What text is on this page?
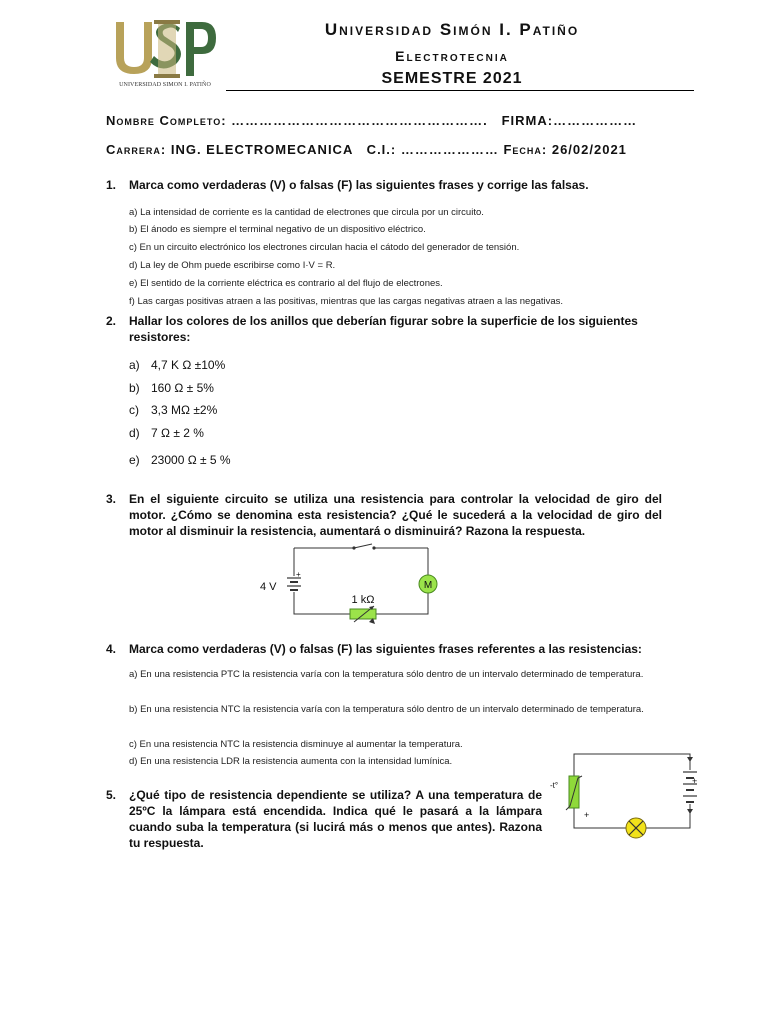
UNIVERSIDAD SIMON I. PATIÑO
Universidad Simón I. Patiño
Electrotecnia
SEMESTRE 2021
Nombre Completo: ……………………………………………….   FIRMA:………………
Carrera: ING. ELECTROMECANICA   C.I.: ………………… Fecha: 26/02/2021
1. Marca como verdaderas (V) o falsas (F) las siguientes frases y corrige las falsas.
a) La intensidad de corriente es la cantidad de electrones que circula por un circuito.
b) El ánodo es siempre el terminal negativo de un dispositivo eléctrico.
c) En un circuito electrónico los electrones circulan hacia el cátodo del generador de tensión.
d) La ley de Ohm puede escribirse como I·V = R.
e) El sentido de la corriente eléctrica es contrario al del flujo de electrones.
f) Las cargas positivas atraen a las positivas, mientras que las cargas negativas atraen a las negativas.
2. Hallar los colores de los anillos que deberían figurar sobre la superficie de los siguientes resistores:
a) 4,7 K Ω ±10%
b) 160 Ω ± 5%
c) 3,3 MΩ ±2%
d) 7 Ω ± 2 %
e) 23000 Ω ± 5 %
3. En el siguiente circuito se utiliza una resistencia para controlar la velocidad de giro del motor. ¿Cómo se denomina esta resistencia? ¿Qué le sucederá a la velocidad de giro del motor al disminuir la resistencia, aumentará o disminuirá? Razona la respuesta.
M
1 kΩ
4 V
+
4. Marca como verdaderas (V) o falsas (F) las siguientes frases referentes a las resistencias:
a) En una resistencia PTC la resistencia varía con la temperatura sólo dentro de un intervalo determinado de temperatura.
b) En una resistencia NTC la resistencia varía con la temperatura sólo dentro de un intervalo determinado de temperatura.
c) En una resistencia NTC la resistencia disminuye al aumentar la temperatura.
d) En una resistencia LDR la resistencia aumenta con la intensidad lumínica.
5. ¿Qué tipo de resistencia dependiente se utiliza? A una temperatura de 25ºC la lámpara está encendida. Indica qué le pasará a la lámpara cuando suba la temperatura (si lucirá más o menos que antes). Razona tu respuesta.
-t°
+
+
